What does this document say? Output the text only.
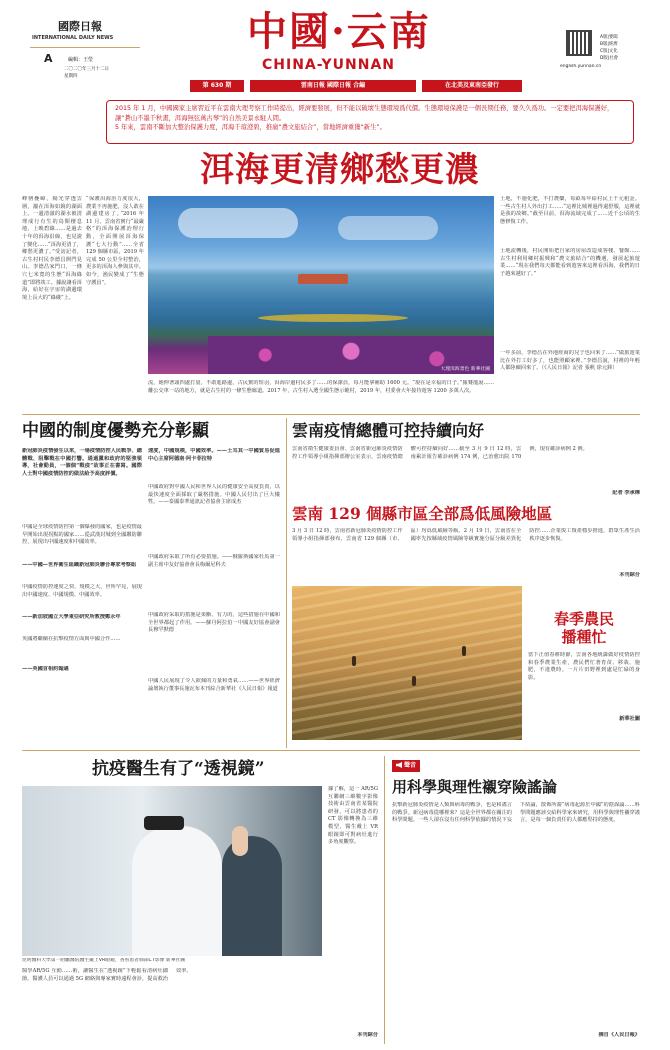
國際日報
INTERNATIONAL DAILY NEWS
A	編輯：王瑩
二〇二〇年三月十二日
星期四
中國·云南
CHINA-YUNNAN	english.yunnan.cn
A版|要聞
B版|經濟
C版|文化
D版|社會
第 630 期	雲南日報 國際日報 合編	在北美及東南亞發行
2015 年 1 月，中國國家主席習近平在雲南大理考察工作時提出，經濟要發展，但不能以破壞生態環境爲代價。生態環境保護是一個長期任務，要久久爲功。一定要把洱海保護好，讓“蒼山不墨千秋畫，洱海無弦萬古琴”的自然美景永駐人間。
5 年來，雲南不斷加大整治保護力度，洱海千瑄澄碧，推廣“農文旅結合”，當地經濟重獲“新生”。
洱海更清鄉愁更濃
峰巒疊嶂，陽光穿透雲層，灑在洱海如鏡的湖面上。一邊清澈的湖水被清理成行有生的鳥類棲息地，上映碧綠……是過去十年的洱海沿線，也見證了變化……“洱海更清了，鄉愁更濃了。”受訪記者，古生村村民李德昌開門見山。李德昌家門口，一條穴七米寬的生態“洱海綠道”即將竣工。據說讓看洱海，給好在宇宙的湖邊環境上長大的“綠綫”上。
“保護洱海治力度很大，農業不再施肥，沒人敢在湖邊建房了。”2016 年 11 月，雲南省實行“最嚴格”的洱海保護治理行動，全面開展洱海保護“七大行動”……全省 129 個縣市區，2019 年完成 50 公里全村整治，更多的洱海人參與其中。如今，漁民變成了“生態守護員”。
大理洱海景色 新華社圖
流，她伸著頭四處打量，不敢進路邊，古民驚的短羽，洱海岸邊村民多了……的保潔員，每月能拿補助 1600 元。“現在是幸福的日子。”羅賽龍說……離公交車一站的地方，就是古生村的一條生態廊道。2017 年，古生村入選全國生態示範村，2019 年，村委會大年接待遊客 1200 多萬人次。
土地，不施化肥，不打農藥，每畝每年給村民上千元租金。一些古生村人外出打工……“這裡比城裡過得還舒服，這裡就是我的故鄉。”截至目前，洱海流域完成了……近千公頃的生態修復工作。
土地流轉後，村民開始把自家的房屋改造成客棧、餐館……古生村利用鄉村振興和“農文旅結合”的機遇，發展起旅遊業……“現在我們每天都能看到遊客來這裡看洱海，我們的日子越來越好了。”
一年多前，李德昌在外地經商的兒子也回來了……“做旅遊業比在外打工好多了，也能照顧家裡。”李德昌說，村裡的年輕人都陸續回來了。（《人民日報》記者 張帆 徐元鋒）
中國的制度優勢充分彰顯
新冠肺炎疫情發生以來，一場疫情防控人民戰爭、總體戰、阻擊戰在中國打響。通過黨和政府的堅強領導，社會動員，一個個“戰疫”故事正在書寫。國際人士對中國疫情防控的做法給予高度評價。
中國是全球疫情防控第一個爆發的國家，也是疫情最早開始出現拐點的國家……從武漢封城到全國聯防聯控，展現出中國速度和中國效率。
——中國—世界衛生組織新冠肺炎聯合專家考察組
中國疫情防控速度之快、規模之大，世所罕見，展現出中國速度、中國規模、中國效率。
——新加坡國立大學東亞研究所教授鄭永年
英國將繼續在抗擊疫情方面與中國合作……
——英國首相約翰遜
速度，中國規模，中國效率。——土耳其一中國貿易促進中心主席阿德南·阿卡菲拉特
中國政府對中國人民和世界人民的健康安全高度負責，以最快速度全面採取了嚴格措施。中國人民付出了巨大犧牲。——泰國泰華通訊記者協會主席成杰
中國政府采取了所有必要措施。——俄羅斯國家杜馬第一副主席中友好協會會長梅爾尼科夫
中國政府采取的措施是果斷、有力的，這些措施在中國和全世界都起了作用。——蘇丹阿拉伯一中國友好協會副會長穆罕默德
中國人民展現了令人欽佩的力量和勇氣……——世界經濟論壇執行董事長施瓦布本刊綜合新華社《人民日報》報道
雲南疫情總體可控持續向好
雲南省衛生健康委員會、雲南省新冠肺炎疫情防控工作領導小組指揮部辦公室表示，雲南疫情總體可控持續向好……截至 3 月 9 日 12 時，雲南累計報告確診病例 174 例，已治愈出院 170 例，現有確診病例 2 例。
記者 李承樺
雲南 129 個縣市區全部爲低風險地區
3 月 3 日 12 時，雲南省新冠肺炎疫情防控工作領導小組指揮部發布，雲南省 129 個縣（市、區）均爲低風險等級。2 月 19 日，雲南省在全國率先按縣域疫情風險等級實施分區分級差異化防控……企業復工復產穩步推進，群眾生產生活秩序逐步恢復。
本刊綜合
春季農民
播種忙
當下正值春耕時節，雲南各地統籌做好疫情防控和春季農業生產，農民們忙著育苗、移栽、施肥，不違農時。一片片田野裡到處是忙碌的身影。
新華社圖
抗疫醫生有了“透視鏡”
昆明醫科大學第一附屬醫院醫生戴上VR眼鏡，查看患者肺部CT影像 新華社圖
醫學AR/5G 互動……術，讓醫生在“透視鏡”下輕鬆看清病灶細節。醫護人員可以通過 5G 網絡與專家實時遠程會診，提高救治效率。
據了解，這一 AR/5G 互聯網三維數字影像技術由雲南省某醫院研發，可以將患者的 CT 影像轉換為三維模型，醫生戴上 VR 眼鏡即可對病灶進行多角度觀察。
本刊綜合
聲音
用科學與理性襯穿險謠論
抗擊新冠肺炎疫情是人類與病毒的戰爭，也是和謠言的戰爭。新冠病毒從哪裡來？這是全世界都在關注的科學問題。一些人卻在沒有任何科學依據的情況下妄下結論，散佈所謂“病毒起源於中國”的陰謀論……科學問題應該交給科學家來研究，用科學與理性襯穿謠言，是每一個負責任的人都應堅持的態度。
摘自《人民日報》
